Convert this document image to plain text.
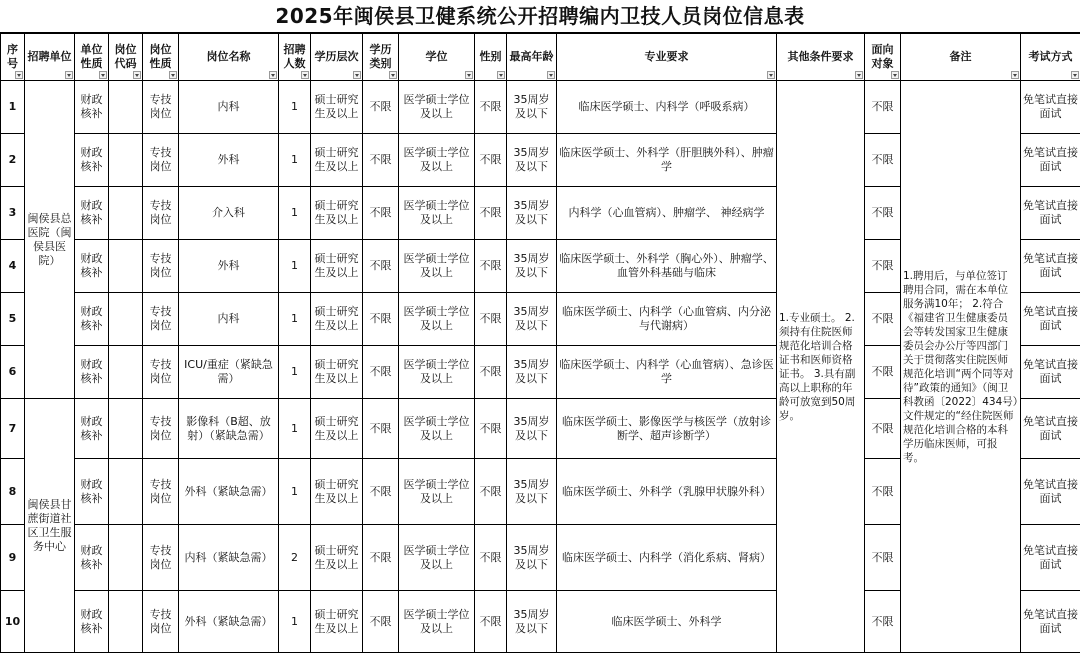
2025年闽侯县卫健系统公开招聘编内卫技人员岗位信息表
序号	招聘单位	单位性质	岗位代码	岗位性质	岗位名称	招聘人数	学历层次	学历类别	学位	性别	最高年龄	专业要求	其他条件要求	面向对象	备注	考试方式

1	闽侯县总医院（闽侯县医院）	财政核补		专技岗位	内科	1	硕士研究生及以上	不限	医学硕士学位及以上	不限	35周岁及以下	临床医学硕士、内科学（呼吸系病）	1.专业硕士。 2.须持有住院医师规范化培训合格证书和医师资格证书。 3.具有副高以上职称的年龄可放宽到50周岁。	不限	1.聘用后，与单位签订聘用合同，需在本单位服务满10年； 2.符合《福建省卫生健康委员会等转发国家卫生健康委员会办公厅等四部门关于贯彻落实住院医师规范化培训“两个同等对待”政策的通知》（闽卫科教函〔2022〕434号）文件规定的“经住院医师规范化培训合格的本科学历临床医师，可报考。	免笔试直接面试
2		财政核补		专技岗位	外科	1	硕士研究生及以上	不限	医学硕士学位及以上	不限	35周岁及以下	临床医学硕士、外科学（肝胆胰外科）、肿瘤学		不限		免笔试直接面试
3		财政核补		专技岗位	介入科	1	硕士研究生及以上	不限	医学硕士学位及以上	不限	35周岁及以下	内科学（心血管病）、肿瘤学、 神经病学		不限		免笔试直接面试
4		财政核补		专技岗位	外科	1	硕士研究生及以上	不限	医学硕士学位及以上	不限	35周岁及以下	临床医学硕士、外科学（胸心外）、肿瘤学、血管外科基础与临床		不限		免笔试直接面试
5		财政核补		专技岗位	内科	1	硕士研究生及以上	不限	医学硕士学位及以上	不限	35周岁及以下	临床医学硕士、内科学（心血管病、内分泌与代谢病）		不限		免笔试直接面试
6		财政核补		专技岗位	ICU/重症（紧缺急需）	1	硕士研究生及以上	不限	医学硕士学位及以上	不限	35周岁及以下	临床医学硕士、内科学（心血管病）、急诊医学		不限		免笔试直接面试
7	闽侯县甘蔗街道社区卫生服务中心	财政核补		专技岗位	影像科（B超、放射）（紧缺急需）	1	硕士研究生及以上	不限	医学硕士学位及以上	不限	35周岁及以下	临床医学硕士、影像医学与核医学（放射诊断学、超声诊断学）		不限		免笔试直接面试
8		财政核补		专技岗位	外科（紧缺急需）	1	硕士研究生及以上	不限	医学硕士学位及以上	不限	35周岁及以下	临床医学硕士、外科学（乳腺甲状腺外科）		不限		免笔试直接面试
9		财政核补		专技岗位	内科（紧缺急需）	2	硕士研究生及以上	不限	医学硕士学位及以上	不限	35周岁及以下	临床医学硕士、内科学（消化系病、肾病）		不限		免笔试直接面试
10		财政核补		专技岗位	外科（紧缺急需）	1	硕士研究生及以上	不限	医学硕士学位及以上	不限	35周岁及以下	临床医学硕士、外科学		不限		免笔试直接面试
